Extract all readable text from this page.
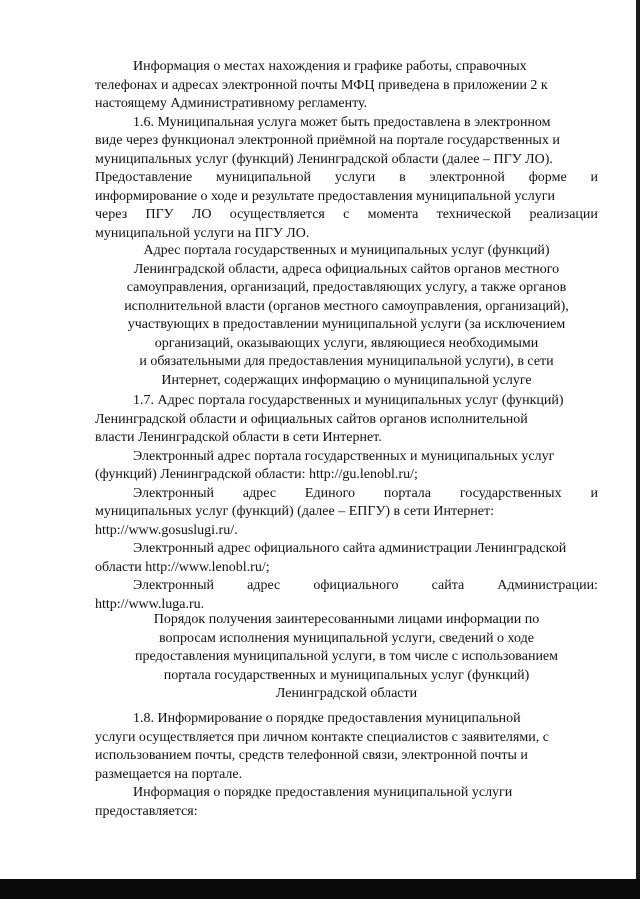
Информация о местах нахождения и графике работы, справочных

телефонах и адресах электронной почты МФЦ приведена в приложении 2 к

настоящему Административному регламенту.

1.6. Муниципальная услуга может быть предоставлена в электронном

виде через функционал электронной приёмной на портале государственных и

муниципальных услуг (функций) Ленинградской области (далее – ПГУ ЛО).

Предоставление муниципальной услуги в электронной форме и

информирование о ходе и результате предоставления муниципальной услуги

через ПГУ ЛО осуществляется с момента технической реализации

муниципальной услуги на ПГУ ЛО.

Адрес портала государственных и муниципальных услуг (функций)
Ленинградской области, адреса официальных сайтов органов местного
самоуправления, организаций, предоставляющих услугу, а также органов
исполнительной власти (органов местного самоуправления, организаций),
участвующих в предоставлении муниципальной услуги (за исключением
организаций, оказывающих услуги, являющиеся необходимыми
и обязательными для предоставления муниципальной услуги), в сети
Интернет, содержащих информацию о муниципальной услуге

1.7. Адрес портала государственных и муниципальных услуг (функций)

Ленинградской области и официальных сайтов органов исполнительной

власти Ленинградской области в сети Интернет.

Электронный адрес портала государственных и муниципальных услуг

(функций) Ленинградской области: http://gu.lenobl.ru/;

Электронный адрес Единого портала государственных и

муниципальных услуг (функций) (далее – ЕПГУ) в сети Интернет:

http://www.gosuslugi.ru/.

Электронный адрес официального сайта администрации Ленинградской

области http://www.lenobl.ru/;

Электронный адрес официального сайта Администрации:

http://www.luga.ru.

Порядок получения заинтересованными лицами информации по
вопросам исполнения муниципальной услуги, сведений о ходе
предоставления муниципальной услуги, в том числе с использованием
портала государственных и муниципальных услуг (функций)
Ленинградской области

1.8. Информирование о порядке предоставления муниципальной

услуги осуществляется при личном контакте специалистов с заявителями, с

использованием почты, средств телефонной связи, электронной почты и

размещается на портале.

Информация о порядке предоставления муниципальной услуги

предоставляется:
